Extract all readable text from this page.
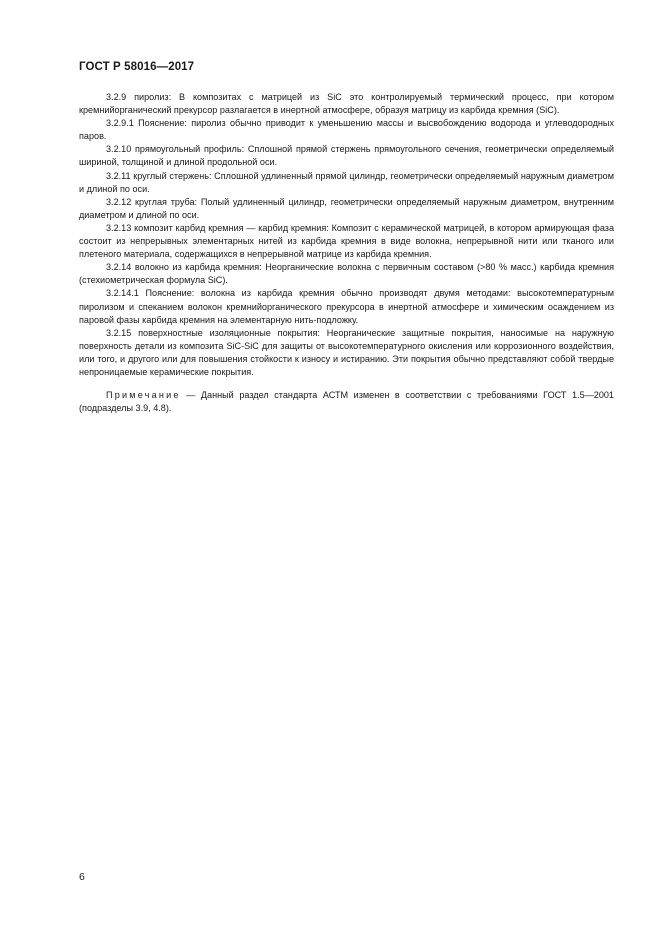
ГОСТ Р 58016—2017

3.2.9 пиролиз: В композитах с матрицей из SiC это контролируемый термический процесс, при котором кремнийорганический прекурсор разлагается в инертной атмосфере, образуя матрицу из карбида кремния (SiC).

3.2.9.1 Пояснение: пиролиз обычно приводит к уменьшению массы и высвобождению водорода и углеводородных паров.

3.2.10 прямоугольный профиль: Сплошной прямой стержень прямоугольного сечения, геометрически определяемый шириной, толщиной и длиной продольной оси.

3.2.11 круглый стержень: Сплошной удлиненный прямой цилиндр, геометрически определяемый наружным диаметром и длиной по оси.

3.2.12 круглая труба: Полый удлиненный цилиндр, геометрически определяемый наружным диаметром, внутренним диаметром и длиной по оси.

3.2.13 композит карбид кремния — карбид кремния: Композит с керамической матрицей, в котором армирующая фаза состоит из непрерывных элементарных нитей из карбида кремния в виде волокна, непрерывной нити или тканого или плетеного материала, содержащихся в непрерывной матрице из карбида кремния.

3.2.14 волокно из карбида кремния: Неорганические волокна с первичным составом (>80 % масс.) карбида кремния (стехиометрическая формула SiC).

3.2.14.1 Пояснение: волокна из карбида кремния обычно производят двумя методами: высокотемпературным пиролизом и спеканием волокон кремнийорганического прекурсора в инертной атмосфере и химическим осаждением из паровой фазы карбида кремния на элементарную нить-подложку.

3.2.15 поверхностные изоляционные покрытия: Неорганические защитные покрытия, наносимые на наружную поверхность детали из композита SiC-SiC для защиты от высокотемпературного окисления или коррозионного воздействия, или того, и другого или для повышения стойкости к износу и истиранию. Эти покрытия обычно представляют собой твердые непроницаемые керамические покрытия.

Примечание — Данный раздел стандарта АСТМ изменен в соответствии с требованиями ГОСТ 1.5—2001 (подразделы 3.9, 4.8).

6
